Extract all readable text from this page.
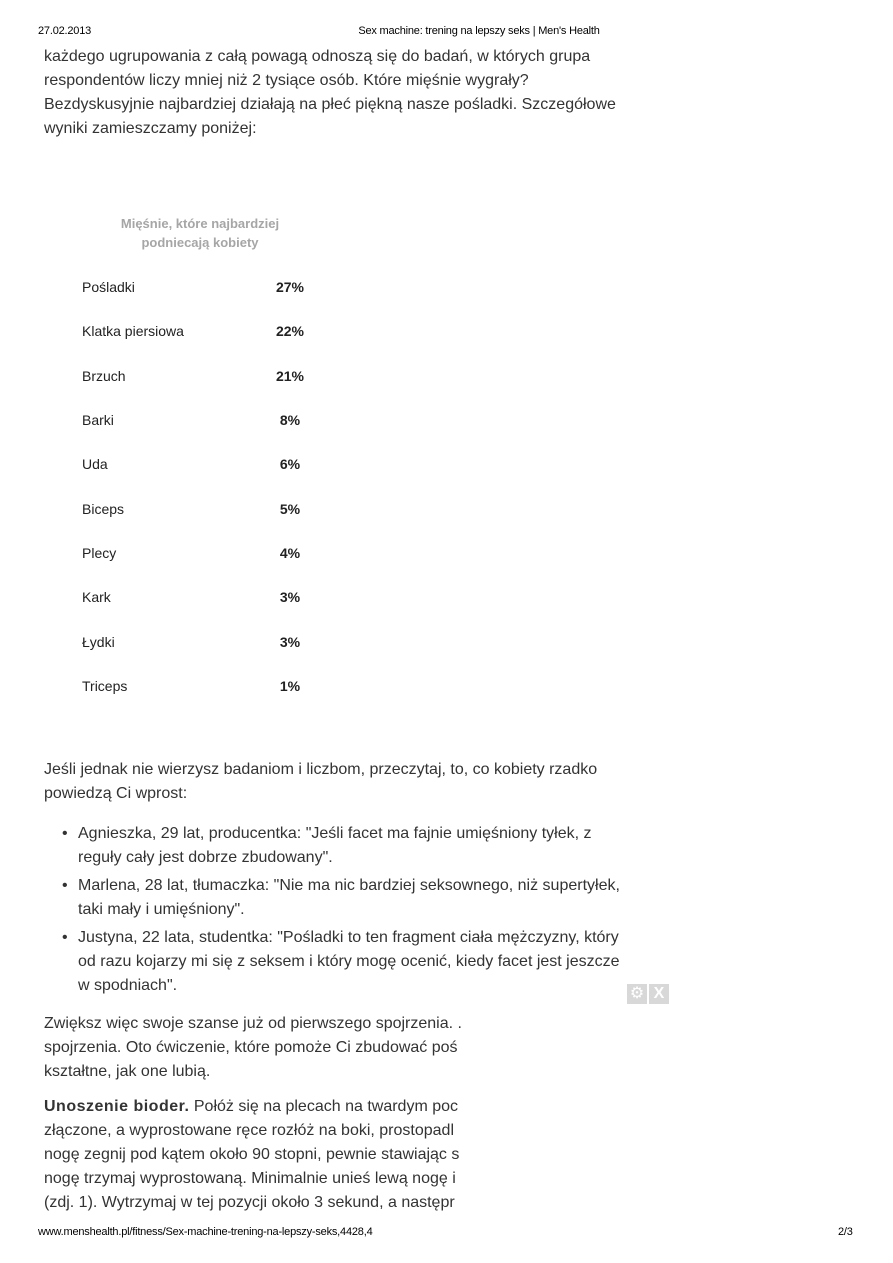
27.02.2013	Sex machine: trening na lepszy seks | Men's Health

każdego ugrupowania z całą powagą odnoszą się do badań, w których grupa
respondentów liczy mniej niż 2 tysiące osób. Które mięśnie wygrały?
Bezdyskusyjnie najbardziej działają na płeć piękną nasze pośladki. Szczegółowe
wyniki zamieszczamy poniżej:

Mięśnie, które najbardziej
podniecają kobiety
Pośladki	27%
Klatka piersiowa	22%
Brzuch	21%
Barki	8%
Uda	6%
Biceps	5%
Plecy	4%
Kark	3%
Łydki	3%
Triceps	1%

Jeśli jednak nie wierzysz badaniom i liczbom, przeczytaj, to, co kobiety rzadko
powiedzą Ci wprost:

• Agnieszka, 29 lat, producentka: "Jeśli facet ma fajnie umięśniony tyłek, z
reguły cały jest dobrze zbudowany".
• Marlena, 28 lat, tłumaczka: "Nie ma nic bardziej seksownego, niż supertyłek,
taki mały i umięśniony".
• Justyna, 22 lata, studentka: "Pośladki to ten fragment ciała mężczyzny, który
od razu kojarzy mi się z seksem i który mogę ocenić, kiedy facet jest jeszcze
w spodniach".	⚙ X

Zwiększ więc swoje szanse już od pierwszego spojrzenia. .
spojrzenia. Oto ćwiczenie, które pomoże Ci zbudować poś
kształtne, jak one lubią.

Unoszenie bioder. Połóż się na plecach na twardym poc
złączone, a wyprostowane ręce rozłóż na boki, prostopadl
nogę zegnij pod kątem około 90 stopni, pewnie stawiając s
nogę trzymaj wyprostowaną. Minimalnie unieś lewą nogę i
(zdj. 1). Wytrzymaj w tej pozycji około 3 sekund, a następr

www.menshealth.pl/fitness/Sex-machine-trening-na-lepszy-seks,4428,4	2/3
